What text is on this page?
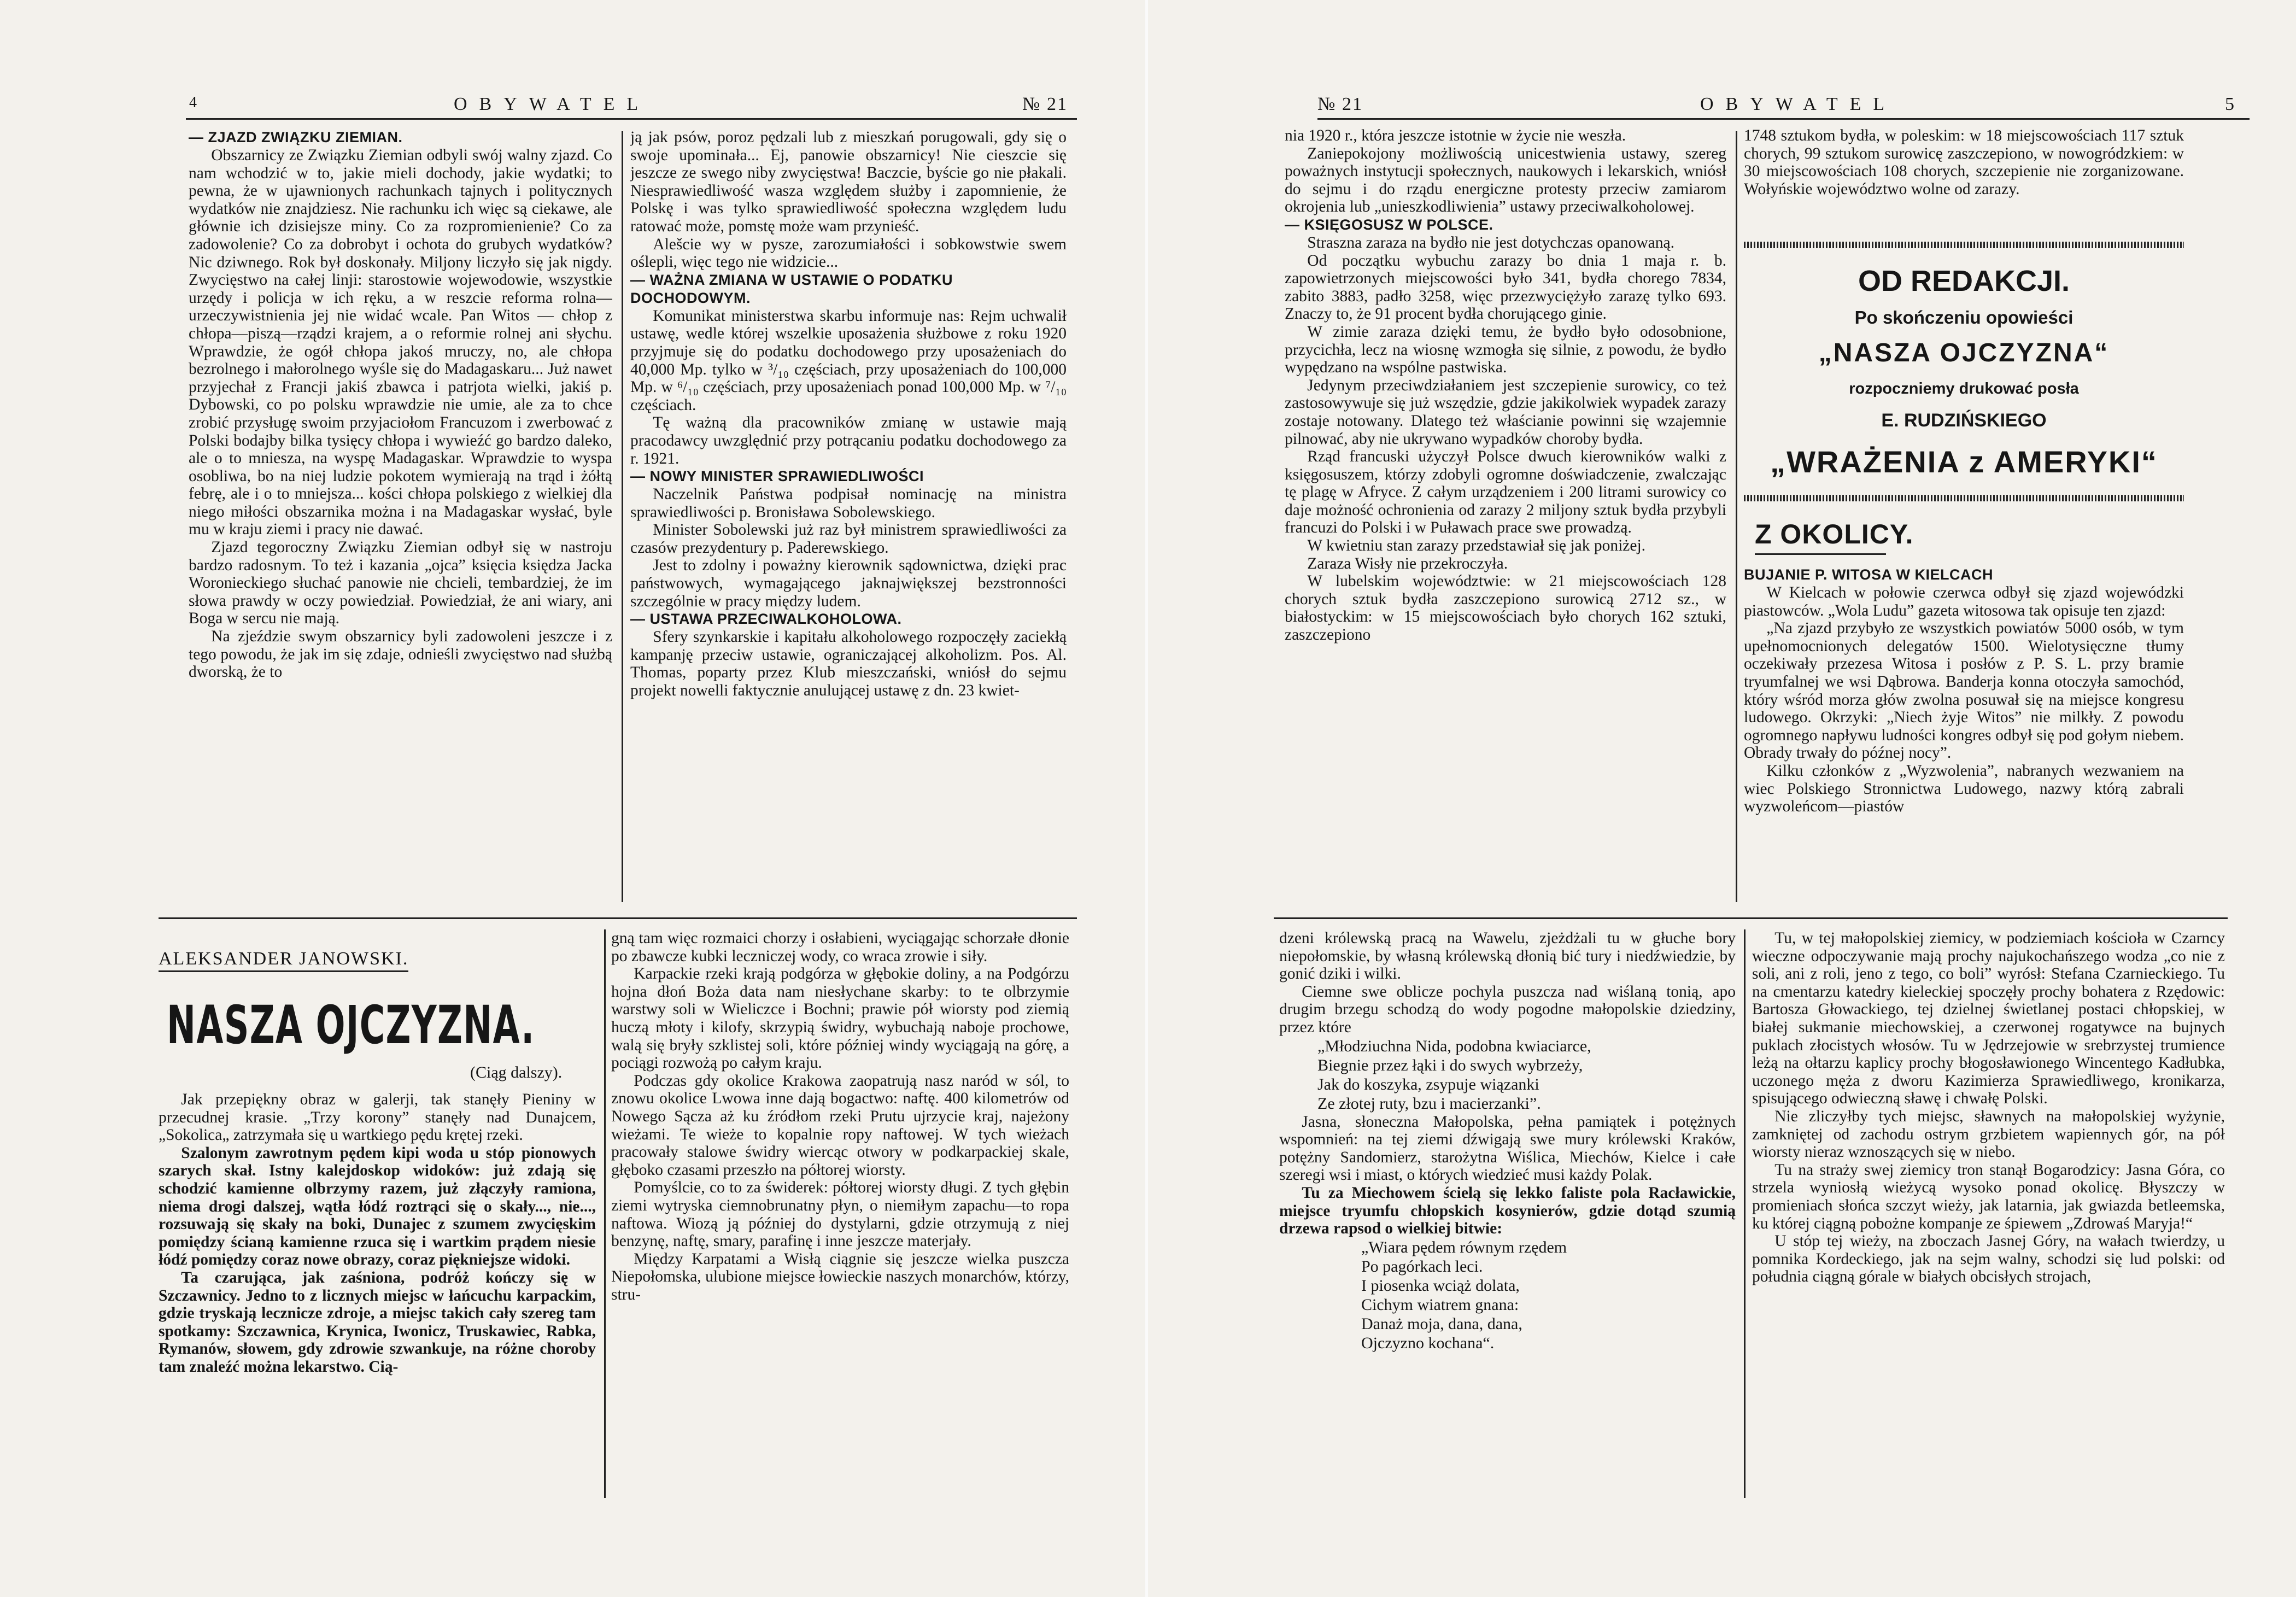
4	OBYWATEL	№ 21

— ZJAZD ZWIĄZKU ZIEMIAN.

Obszarnicy ze Związku Ziemian odbyli swój walny zjazd. Co nam wchodzić w to, jakie mieli dochody, jakie wydatki; to pewna, że w ujawnionych rachunkach tajnych i politycznych wydatków nie znajdziesz. Nie rachunku ich więc są ciekawe, ale głównie ich dzisiejsze miny. Co za rozpromienienie? Co za zadowolenie? Co za dobrobyt i ochota do grubych wydatków? Nic dziwnego. Rok był doskonały. Miljony liczyło się jak nigdy. Zwycięstwo na całej linji: starostowie wojewodowie, wszystkie urzędy i policja w ich ręku, a w reszcie reforma rolna—urzeczywistnienia jej nie widać wcale. Pan Witos — chłop z chłopa—piszą—rządzi krajem, a o reformie rolnej ani słychu. Wprawdzie, że ogół chłopa jakoś mruczy, no, ale chłopa bezrolnego i małorolnego wyśle się do Madagaskaru... Już nawet przyjechał z Francji jakiś zbawca i patrjota wielki, jakiś p. Dybowski, co po polsku wprawdzie nie umie, ale za to chce zrobić przysługę swoim przyjaciołom Francuzom i zwerbować z Polski bodajby bilka tysięcy chłopa i wywieźć go bardzo daleko, ale o to mniesza, na wyspę Madagaskar. Wprawdzie to wyspa osobliwa, bo na niej ludzie pokotem wymierają na trąd i żółtą febrę, ale i o to mniejsza... kości chłopa polskiego z wielkiej dla niego miłości obszarnika można i na Madagaskar wysłać, byle mu w kraju ziemi i pracy nie dawać.

Zjazd tegoroczny Związku Ziemian odbył się w nastroju bardzo radosnym. To też i kazania „ojca” księcia księdza Jacka Woronieckiego słuchać panowie nie chcieli, tembardziej, że im słowa prawdy w oczy powiedział. Powiedział, że ani wiary, ani Boga w sercu nie mają.

Na zjeździe swym obszarnicy byli zadowoleni jeszcze i z tego powodu, że jak im się zdaje, odnieśli zwycięstwo nad służbą dworską, że to

ją jak psów, poroz pędzali lub z mieszkań porugowali, gdy się o swoje upominała... Ej, panowie obszarnicy! Nie cieszcie się jeszcze ze swego niby zwycięstwa! Baczcie, byście go nie płakali. Niesprawiedliwość wasza względem służby i zapomnienie, że Polskę i was tylko sprawiedliwość społeczna względem ludu ratować może, pomstę może wam przynieść.

Alešcie wy w pysze, zarozumiałości i sobkowstwie swem oślepli, więc tego nie widzicie...

— WAŻNA ZMIANA W USTAWIE O PODATKU DOCHODOWYM.

Komunikat ministerstwa skarbu informuje nas: Rejm uchwalił ustawę, wedle której wszelkie uposażenia służbowe z roku 1920 przyjmuje się do podatku dochodowego przy uposażeniach do 40,000 Mp. tylko w ³/₁₀ częściach, przy uposażeniach do 100,000 Mp. w ⁶/₁₀ częściach, przy uposażeniach ponad 100,000 Mp. w ⁷/₁₀ częściach.

Tę ważną dla pracowników zmianę w ustawie mają pracodawcy uwzględnić przy potrącaniu podatku dochodowego za r. 1921.

— NOWY MINISTER SPRAWIEDLIWOŚCI

Naczelnik Państwa podpisał nominację na ministra sprawiedliwości p. Bronisława Sobolewskiego.

Minister Sobolewski już raz był ministrem sprawiedliwości za czasów prezydentury p. Paderewskiego.

Jest to zdolny i poważny kierownik sądownictwa, dzięki prac państwowych, wymagającego jaknajwiększej bezstronności szczególnie w pracy między ludem.

— USTAWA PRZECIWALKOHOLOWA.

Sfery szynkarskie i kapitału alkoholowego rozpoczęły zaciekłą kampanję przeciw ustawie, ograniczającej alkoholizm. Pos. Al. Thomas, poparty przez Klub mieszczański, wniósł do sejmu projekt nowelli faktycznie anulującej ustawę z dn. 23 kwiet-

ALEKSANDER JANOWSKI.
NASZA OJCZYZNA.
(Ciąg dalszy).

Jak przepiękny obraz w galerji, tak stanęły Pieniny w przecudnej krasie. „Trzy korony” stanęły nad Dunajcem, „Sokolica„ zatrzymała się u wartkiego pędu krętej rzeki.

Szalonym zawrotnym pędem kipi woda u stóp pionowych szarych skał. Istny kalejdoskop widoków: już zdają się schodzić kamienne olbrzymy razem, już złączyły ramiona, niema drogi dalszej, wątła łódź roztrąci się o skały..., nie..., rozsuwają się skały na boki, Dunajec z szumem zwycięskim pomiędzy ścianą kamienne rzuca się i wartkim prądem niesie łódź pomiędzy coraz nowe obrazy, coraz piękniejsze widoki.

Ta czarująca, jak zaśniona, podróż kończy się w Szczawnicy. Jedno to z licznych miejsc w łańcuchu karpackim, gdzie tryskają lecznicze zdroje, a miejsc takich cały szereg tam spotkamy: Szczawnica, Krynica, Iwonicz, Truskawiec, Rabka, Rymanów, słowem, gdy zdrowie szwankuje, na różne choroby tam znaleźć można lekarstwo. Cią-

gną tam więc rozmaici chorzy i osłabieni, wyciągając schorzałe dłonie po zbawcze kubki leczniczej wody, co wraca zrowie i siły.

Karpackie rzeki krają podgórza w głębokie doliny, a na Podgórzu hojna dłoń Boża data nam niesłychane skarby: to te olbrzymie warstwy soli w Wieliczce i Bochni; prawie pół wiorsty pod ziemią huczą młoty i kilofy, skrzypią świdry, wybuchają naboje prochowe, walą się bryły szklistej soli, które później windy wyciągają na górę, a pociągi rozwożą po całym kraju.

Podczas gdy okolice Krakowa zaopatrują nasz naród w sól, to znowu okolice Lwowa inne dają bogactwo: naftę. 400 kilometrów od Nowego Sącza aż ku źródłom rzeki Prutu ujrzycie kraj, najeżony wieżami. Te wieże to kopalnie ropy naftowej. W tych wieżach pracowały stalowe świdry wiercąc otwory w podkarpackiej skale, głęboko czasami przeszło na półtorej wiorsty.

Pomyślcie, co to za świderek: półtorej wiorsty długi. Z tych głębin ziemi wytryska ciemnobrunatny płyn, o niemiłym zapachu—to ropa naftowa. Wiozą ją później do dystylarni, gdzie otrzymują z niej benzynę, naftę, smary, parafinę i inne jeszcze materjały.

Między Karpatami a Wisłą ciągnie się jeszcze wielka puszcza Niepołomska, ulubione miejsce łowieckie naszych monarchów, którzy, stru-

№ 21	OBYWATEL	5

nia 1920 r., która jeszcze istotnie w życie nie weszła.

Zaniepokojony możliwością unicestwienia ustawy, szereg poważnych instytucji społecznych, naukowych i lekarskich, wniósł do sejmu i do rządu energiczne protesty przeciw zamiarom okrojenia lub „unieszkodliwienia” ustawy przeciwalkoholowej.

— KSIĘGOSUSZ W POLSCE.

Straszna zaraza na bydło nie jest dotychczas opanowaną.

Od początku wybuchu zarazy bo dnia 1 maja r. b. zapowietrzonych miejscowości było 341, bydła chorego 7834, zabito 3883, padło 3258, więc przezwyciężyło zarazę tylko 693. Znaczy to, że 91 procent bydła chorującego ginie.

W zimie zaraza dzięki temu, że bydło było odosobnione, przycichła, lecz na wiosnę wzmogła się silnie, z powodu, że bydło wypędzano na wspólne pastwiska.

Jedynym przeciwdziałaniem jest szczepienie surowicy, co też zastosowywuje się już wszędzie, gdzie jakikolwiek wypadek zarazy zostaje notowany. Dlatego też właścianie powinni się wzajemnie pilnować, aby nie ukrywano wypadków choroby bydła.

Rząd francuski użyczył Polsce dwuch kierowników walki z księgosuszem, którzy zdobyli ogromne doświadczenie, zwalczając tę plagę w Afryce. Z całym urządzeniem i 200 litrami surowicy co daje możność ochronienia od zarazy 2 miljony sztuk bydła przybyli francuzi do Polski i w Puławach prace swe prowadzą.

W kwietniu stan zarazy przedstawiał się jak poniżej.

Zaraza Wisły nie przekroczyła.

W lubelskim województwie: w 21 miejscowościach 128 chorych sztuk bydła zaszczepiono surowicą 2712 sz., w białostyckim: w 15 miejscowościach było chorych 162 sztuki, zaszczepiono

1748 sztukom bydła, w poleskim: w 18 miejscowościach 117 sztuk chorych, 99 sztukom surowicę zaszczepiono, w nowogródzkiem: w 30 miejscowościach 108 chorych, szczepienie nie zorganizowane. Wołyńskie województwo wolne od zarazy.

OD REDAKCJI.
Po skończeniu opowieści
„NASZA OJCZYZNA“
rozpoczniemy drukować posła
E. RUDZIŃSKIEGO
„WRAŻENIA z AMERYKI“
Z OKOLICY.

BUJANIE P. WITOSA W KIELCACH

W Kielcach w połowie czerwca odbył się zjazd wojewódzki piastowców. „Wola Ludu” gazeta witosowa tak opisuje ten zjazd:

„Na zjazd przybyło ze wszystkich powiatów 5000 osób, w tym upełnomocnionych delegatów 1500. Wielotysięczne tłumy oczekiwały przezesa Witosa i posłów z P. S. L. przy bramie tryumfalnej we wsi Dąbrowa. Banderja konna otoczyła samochód, który wśród morza głów zwolna posuwał się na miejsce kongresu ludowego. Okrzyki: „Niech żyje Witos” nie milkły. Z powodu ogromnego napływu ludności kongres odbył się pod gołym niebem. Obrady trwały do późnej nocy”.

Kilku członków z „Wyzwolenia”, nabranych wezwaniem na wiec Polskiego Stronnictwa Ludowego, nazwy którą zabrali wyzwoleńcom—piastów

dzeni królewską pracą na Wawelu, zjeżdżali tu w głuche bory niepołomskie, by własną królewską dłonią bić tury i niedźwiedzie, by gonić dziki i wilki.

Ciemne swe oblicze pochyla puszcza nad wiślaną tonią, apo drugim brzegu schodzą do wody pogodne małopolskie dziedziny, przez które

„Młodziuchna Nida, podobna kwiaciarce,

Biegnie przez łąki i do swych wybrzeży,

Jak do koszyka, zsypuje wiązanki

Ze złotej ruty, bzu i macierzanki”.

Jasna, słoneczna Małopolska, pełna pamiątek i potężnych wspomnień: na tej ziemi dźwigają swe mury królewski Kraków, potężny Sandomierz, starożytna Wiślica, Miechów, Kielce i całe szeregi wsi i miast, o których wiedzieć musi każdy Polak.

Tu za Miechowem ścielą się lekko faliste pola Racławickie, miejsce tryumfu chłopskich kosynierów, gdzie dotąd szumią drzewa rapsod o wielkiej bitwie:

„Wiara pędem równym rzędem

Po pagórkach leci.

I piosenka wciąż dolata,

Cichym wiatrem gnana:

Danaż moja, dana, dana,

Ojczyzno kochana“.

Tu, w tej małopolskiej ziemicy, w podziemiach kościoła w Czarncy wieczne odpoczywanie mają prochy najukochańszego wodza „co nie z soli, ani z roli, jeno z tego, co boli” wyrósł: Stefana Czarnieckiego. Tu na cmentarzu katedry kieleckiej spoczęły prochy bohatera z Rzędowic: Bartosza Głowackiego, tej dzielnej świetlanej postaci chłopskiej, w białej sukmanie miechowskiej, a czerwonej rogatywce na bujnych puklach złocistych włosów. Tu w Jędrzejowie w srebrzystej trumience leżą na ołtarzu kaplicy prochy błogosławionego Wincentego Kadłubka, uczonego męża z dworu Kazimierza Sprawiedliwego, kronikarza, spisującego odwieczną sławę i chwałę Polski.

Nie zliczyłby tych miejsc, sławnych na małopolskiej wyżynie, zamkniętej od zachodu ostrym grzbietem wapiennych gór, na pół wiorsty nieraz wznoszących się w niebo.

Tu na straży swej ziemicy tron stanął Bogarodzicy: Jasna Góra, co strzela wyniosłą wieżycą wysoko ponad okolicę. Błyszczy w promieniach słońca szczyt wieży, jak latarnia, jak gwiazda betleemska, ku której ciągną pobożne kompanje ze śpiewem „Zdrowaś Maryja!“

U stóp tej wieży, na zboczach Jasnej Góry, na wałach twierdzy, u pomnika Kordeckiego, jak na sejm walny, schodzi się lud polski: od południa ciągną górale w białych obcisłych strojach,
